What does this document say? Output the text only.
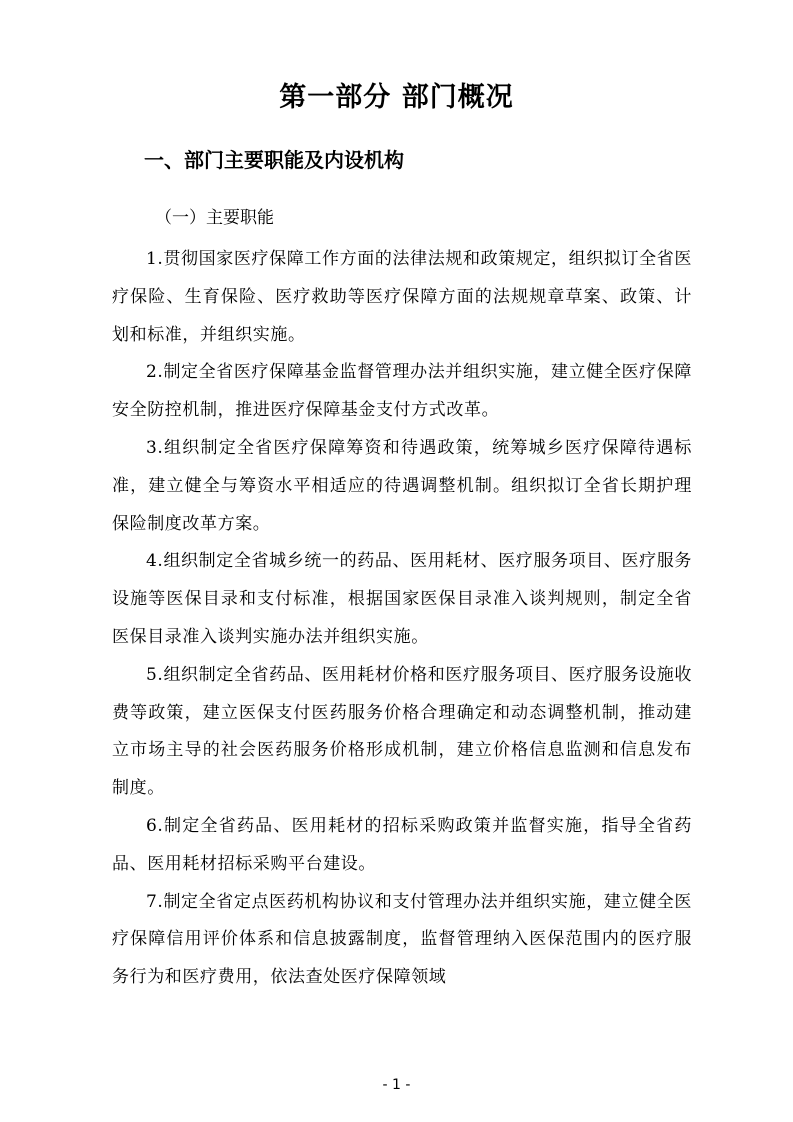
第一部分 部门概况
一、部门主要职能及内设机构
（一）主要职能

1.贯彻国家医疗保障工作方面的法律法规和政策规定，组织拟订全省医疗保险、生育保险、医疗救助等医疗保障方面的法规规章草案、政策、计划和标准，并组织实施。

2.制定全省医疗保障基金监督管理办法并组织实施，建立健全医疗保障安全防控机制，推进医疗保障基金支付方式改革。

3.组织制定全省医疗保障筹资和待遇政策，统筹城乡医疗保障待遇标准，建立健全与筹资水平相适应的待遇调整机制。组织拟订全省长期护理保险制度改革方案。

4.组织制定全省城乡统一的药品、医用耗材、医疗服务项目、医疗服务设施等医保目录和支付标准，根据国家医保目录准入谈判规则，制定全省医保目录准入谈判实施办法并组织实施。

5.组织制定全省药品、医用耗材价格和医疗服务项目、医疗服务设施收费等政策，建立医保支付医药服务价格合理确定和动态调整机制，推动建立市场主导的社会医药服务价格形成机制，建立价格信息监测和信息发布制度。

6.制定全省药品、医用耗材的招标采购政策并监督实施，指导全省药品、医用耗材招标采购平台建设。

7.制定全省定点医药机构协议和支付管理办法并组织实施，建立健全医疗保障信用评价体系和信息披露制度，监督管理纳入医保范围内的医疗服务行为和医疗费用，依法查处医疗保障领域

- 1 -
